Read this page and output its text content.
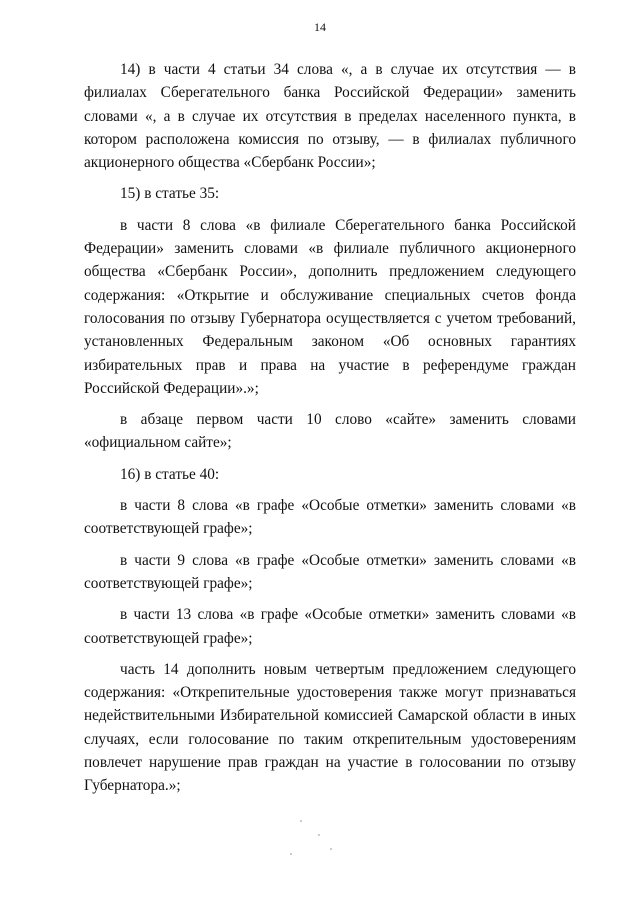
14

14) в части 4 статьи 34 слова «, а в случае их отсутствия — в филиалах Сберегательного банка Российской Федерации» заменить словами «, а в случае их отсутствия в пределах населенного пункта, в котором расположена комиссия по отзыву, — в филиалах публичного акционерного общества «Сбербанк России»;

15) в статье 35:

в части 8 слова «в филиале Сберегательного банка Российской Федерации» заменить словами «в филиале публичного акционерного общества «Сбербанк России», дополнить предложением следующего содержания: «Открытие и обслуживание специальных счетов фонда голосования по отзыву Губернатора осуществляется с учетом требований, установленных Федеральным законом «Об основных гарантиях избирательных прав и права на участие в референдуме граждан Российской Федерации».»;

в абзаце первом части 10 слово «сайте» заменить словами «официальном сайте»;

16) в статье 40:

в части 8 слова «в графе «Особые отметки» заменить словами «в соответствующей графе»;

в части 9 слова «в графе «Особые отметки» заменить словами «в соответствующей графе»;

в части 13 слова «в графе «Особые отметки» заменить словами «в соответствующей графе»;

часть 14 дополнить новым четвертым предложением следующего содержания: «Открепительные удостоверения также могут признаваться недействительными Избирательной комиссией Самарской области в иных случаях, если голосование по таким открепительным удостоверениям повлечет нарушение прав граждан на участие в голосовании по отзыву Губернатора.»;
